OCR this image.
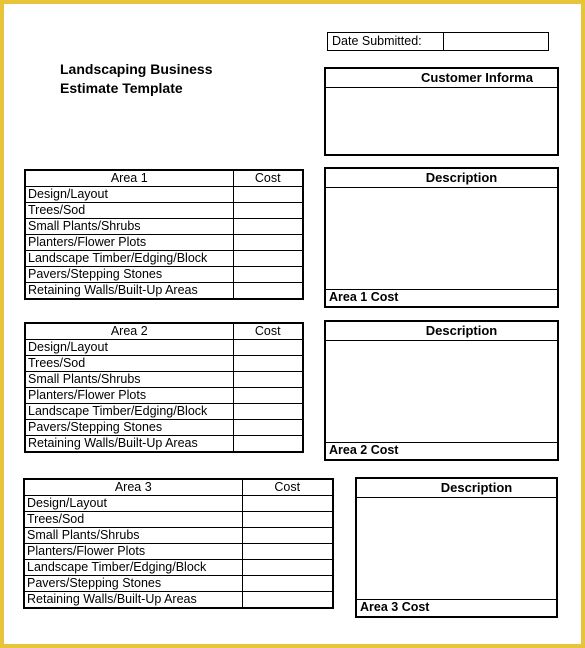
Date Submitted:
Landscaping Business
Estimate Template
Customer Informa
Area 1	Cost
Design/Layout	
Trees/Sod	
Small Plants/Shrubs	
Planters/Flower Plots	
Landscape Timber/Edging/Block	
Pavers/Stepping Stones	
Retaining Walls/Built-Up Areas	
Description
Area 1 Cost
Area 2	Cost
Design/Layout	
Trees/Sod	
Small Plants/Shrubs	
Planters/Flower Plots	
Landscape Timber/Edging/Block	
Pavers/Stepping Stones	
Retaining Walls/Built-Up Areas	
Description
Area 2 Cost
Area 3	Cost
Design/Layout	
Trees/Sod	
Small Plants/Shrubs	
Planters/Flower Plots	
Landscape Timber/Edging/Block	
Pavers/Stepping Stones	
Retaining Walls/Built-Up Areas	
Description
Area 3 Cost
